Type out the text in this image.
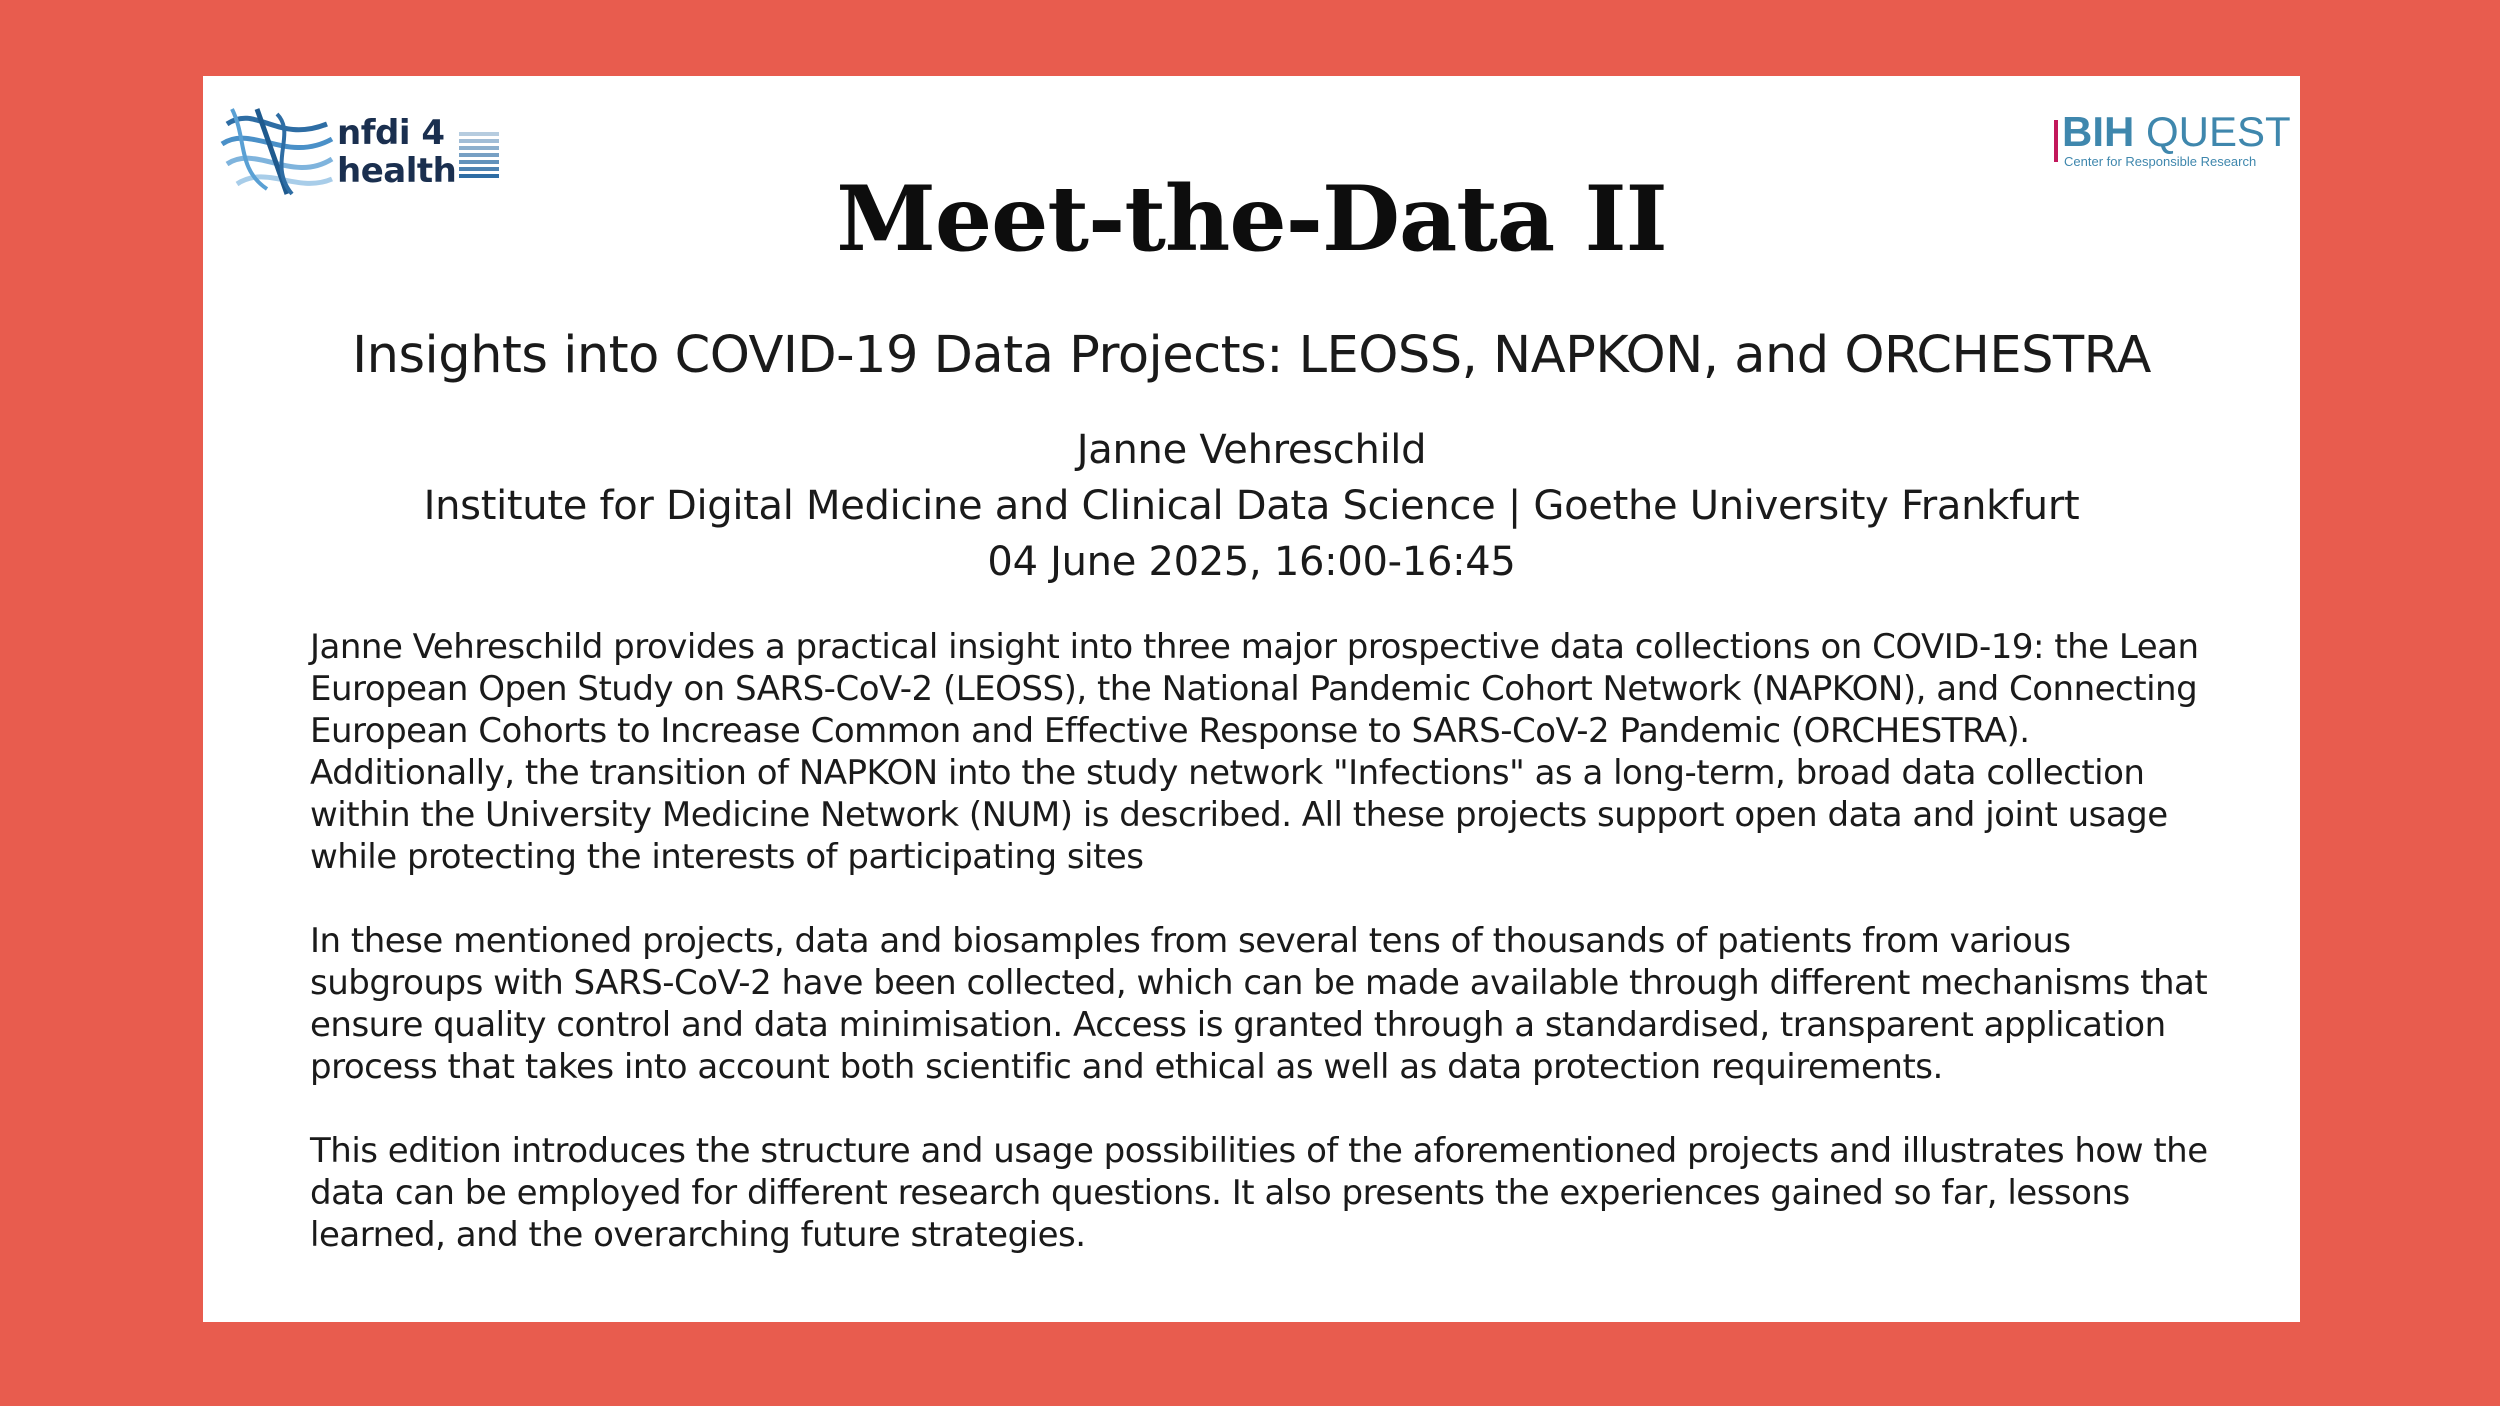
nfdi 4
health
BIH QUEST
Center for Responsible Research
Meet-the-Data II
Insights into COVID-19 Data Projects: LEOSS, NAPKON, and ORCHESTRA
Janne Vehreschild
Institute for Digital Medicine and Clinical Data Science | Goethe University Frankfurt
04 June 2025, 16:00-16:45

Janne Vehreschild provides a practical insight into three major prospective data collections on COVID-19: the Lean European Open Study on SARS-CoV-2 (LEOSS), the National Pandemic Cohort Network (NAPKON), and Connecting European Cohorts to Increase Common and Effective Response to SARS-CoV-2 Pandemic (ORCHESTRA). Additionally, the transition of NAPKON into the study network "Infections" as a long-term, broad data collection within the University Medicine Network (NUM) is described. All these projects support open data and joint usage while protecting the interests of participating sites

In these mentioned projects, data and biosamples from several tens of thousands of patients from various subgroups with SARS-CoV-2 have been collected, which can be made available through different mechanisms that ensure quality control and data minimisation. Access is granted through a standardised, transparent application process that takes into account both scientific and ethical as well as data protection requirements.

This edition introduces the structure and usage possibilities of the aforementioned projects and illustrates how the data can be employed for different research questions. It also presents the experiences gained so far, lessons learned, and the overarching future strategies.
